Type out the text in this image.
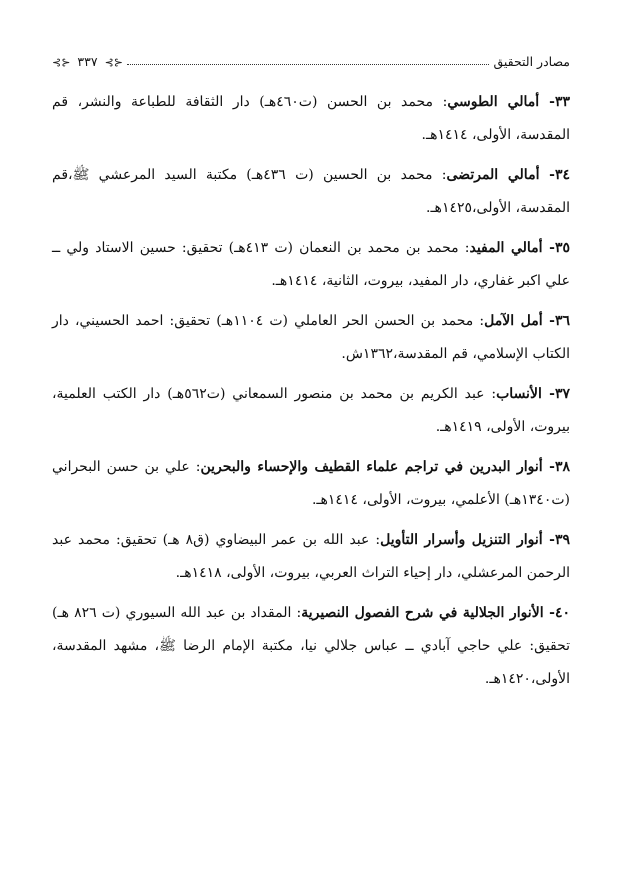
مصادر التحقيق
⊰⊱ ٣٣٧ ⊰⊱

٣٣- أمالي الطوسي: محمد بن الحسن (ت٤٦٠هـ) دار الثقافة للطباعة والنشر، قم المقدسة، الأولى، ١٤١٤هـ.

٣٤- أمالي المرتضى: محمد بن الحسين (ت ٤٣٦هـ) مكتبة السيد المرعشي ﷺ،قم المقدسة، الأولى،١٤٢٥هـ.

٣٥- أمالي المفيد: محمد بن محمد بن النعمان (ت ٤١٣هـ) تحقيق: حسين الاستاد ولي ــ علي اكبر غفاري، دار المفيد، بيروت، الثانية، ١٤١٤هـ.

٣٦- أمل الآمل: محمد بن الحسن الحر العاملي (ت ١١٠٤هـ) تحقيق: احمد الحسيني، دار الكتاب الإسلامي، قم المقدسة،١٣٦٢ش.

٣٧- الأنساب: عبد الكريم بن محمد بن منصور السمعاني (ت٥٦٢هـ) دار الكتب العلمية، بيروت، الأولى، ١٤١٩هـ.

٣٨- أنوار البدرين في تراجم علماء القطيف والإحساء والبحرين: علي بن حسن البحراني (ت١٣٤٠هـ) الأعلمي، بيروت، الأولى، ١٤١٤هـ.

٣٩- أنوار التنزيل وأسرار التأويل: عبد الله بن عمر البيضاوي (ق٨ هـ) تحقيق: محمد عبد الرحمن المرعشلي، دار إحياء التراث العربي، بيروت، الأولى، ١٤١٨هـ.

٤٠- الأنوار الجلالية في شرح الفصول النصيرية: المقداد بن عبد الله السيوري (ت ٨٢٦ هـ) تحقيق: علي حاجي آبادي ــ عباس جلالي نيا، مكتبة الإمام الرضا ﷺ، مشهد المقدسة، الأولى،١٤٢٠هـ.
